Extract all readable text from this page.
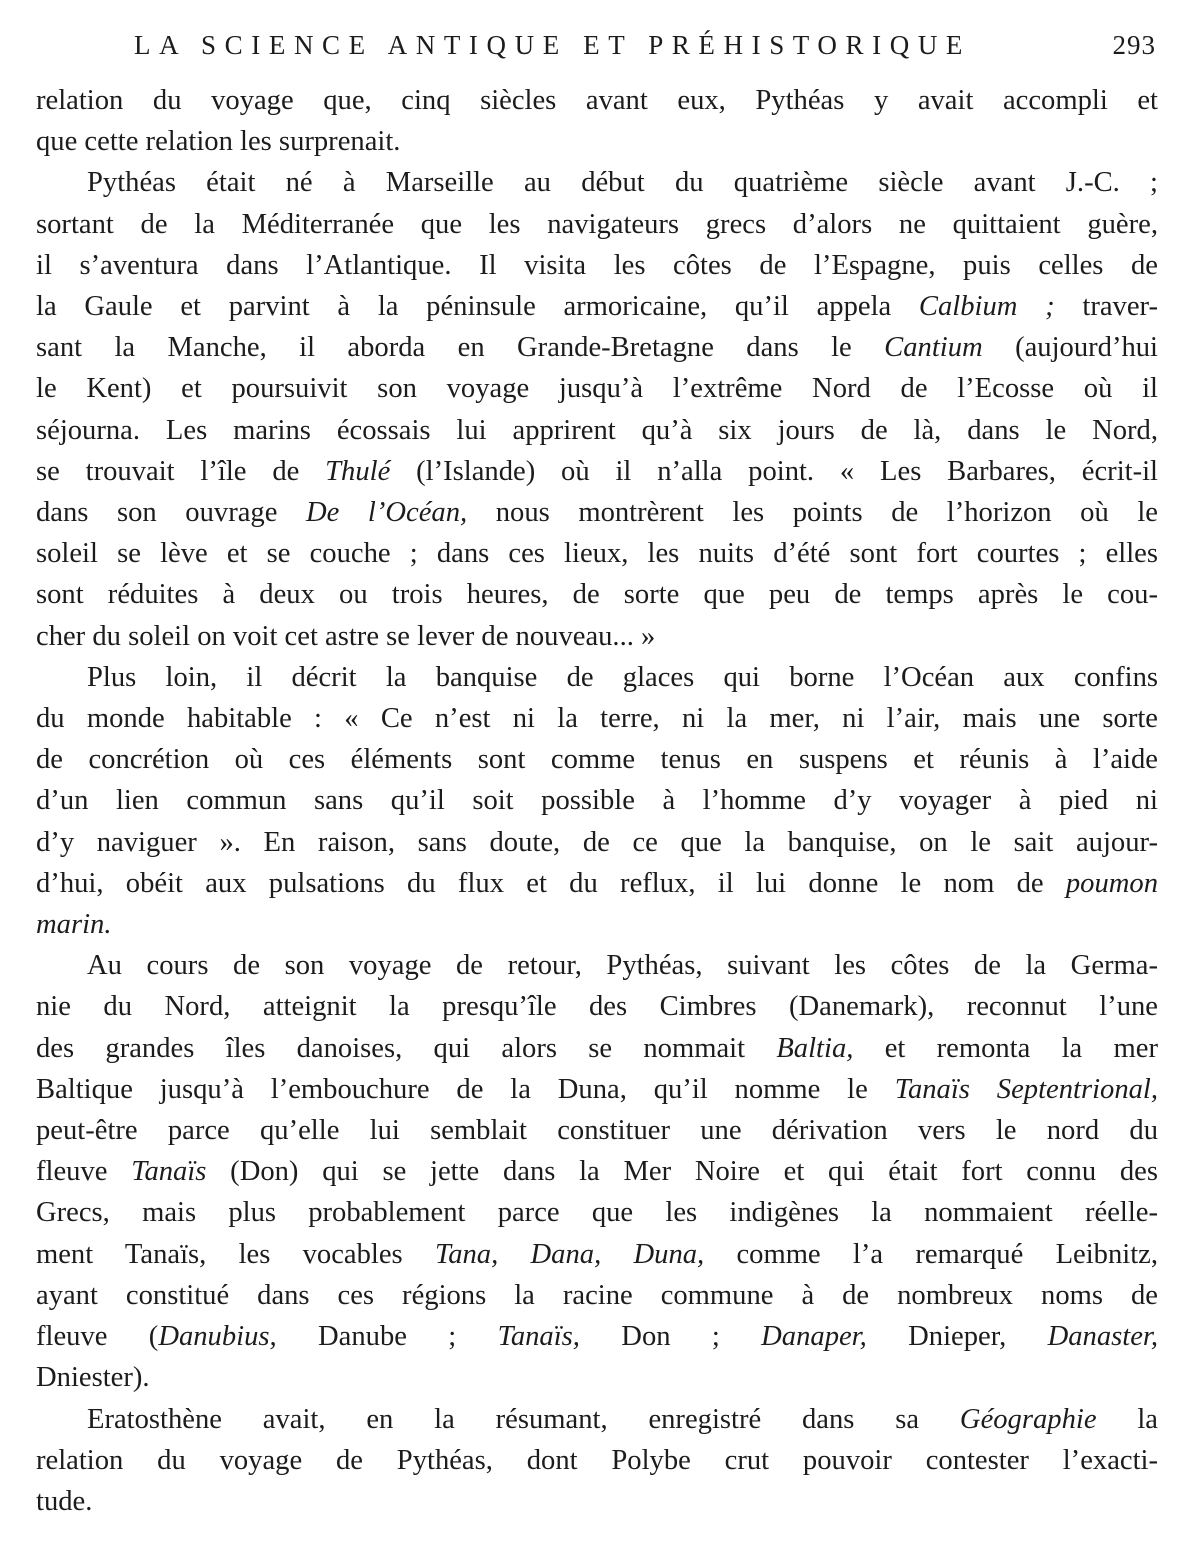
LA SCIENCE ANTIQUE ET PRÉHISTORIQUE	293

relation du voyage que, cinq siècles avant eux, Pythéas y avait accompli et
que cette relation les surprenait.

Pythéas était né à Marseille au début du quatrième siècle avant J.-C. ;
sortant de la Méditerranée que les navigateurs grecs d’alors ne quittaient guère,
il s’aventura dans l’Atlantique. Il visita les côtes de l’Espagne, puis celles de
la Gaule et parvint à la péninsule armoricaine, qu’il appela Calbium ; traver-
sant la Manche, il aborda en Grande-Bretagne dans le Cantium (aujourd’hui
le Kent) et poursuivit son voyage jusqu’à l’extrême Nord de l’Ecosse où il
séjourna. Les marins écossais lui apprirent qu’à six jours de là, dans le Nord,
se trouvait l’île de Thulé (l’Islande) où il n’alla point. « Les Barbares, écrit-il
dans son ouvrage De l’Océan, nous montrèrent les points de l’horizon où le
soleil se lève et se couche ; dans ces lieux, les nuits d’été sont fort courtes ; elles
sont réduites à deux ou trois heures, de sorte que peu de temps après le cou-
cher du soleil on voit cet astre se lever de nouveau... »

Plus loin, il décrit la banquise de glaces qui borne l’Océan aux confins
du monde habitable : « Ce n’est ni la terre, ni la mer, ni l’air, mais une sorte
de concrétion où ces éléments sont comme tenus en suspens et réunis à l’aide
d’un lien commun sans qu’il soit possible à l’homme d’y voyager à pied ni
d’y naviguer ». En raison, sans doute, de ce que la banquise, on le sait aujour-
d’hui, obéit aux pulsations du flux et du reflux, il lui donne le nom de poumon
marin.

Au cours de son voyage de retour, Pythéas, suivant les côtes de la Germa-
nie du Nord, atteignit la presqu’île des Cimbres (Danemark), reconnut l’une
des grandes îles danoises, qui alors se nommait Baltia, et remonta la mer
Baltique jusqu’à l’embouchure de la Duna, qu’il nomme le Tanaïs Septentrional,
peut-être parce qu’elle lui semblait constituer une dérivation vers le nord du
fleuve Tanaïs (Don) qui se jette dans la Mer Noire et qui était fort connu des
Grecs, mais plus probablement parce que les indigènes la nommaient réelle-
ment Tanaïs, les vocables Tana, Dana, Duna, comme l’a remarqué Leibnitz,
ayant constitué dans ces régions la racine commune à de nombreux noms de
fleuve (Danubius, Danube ; Tanaïs, Don ; Danaper, Dnieper, Danaster,
Dniester).

Eratosthène avait, en la résumant, enregistré dans sa Géographie la
relation du voyage de Pythéas, dont Polybe crut pouvoir contester l’exacti-
tude.
